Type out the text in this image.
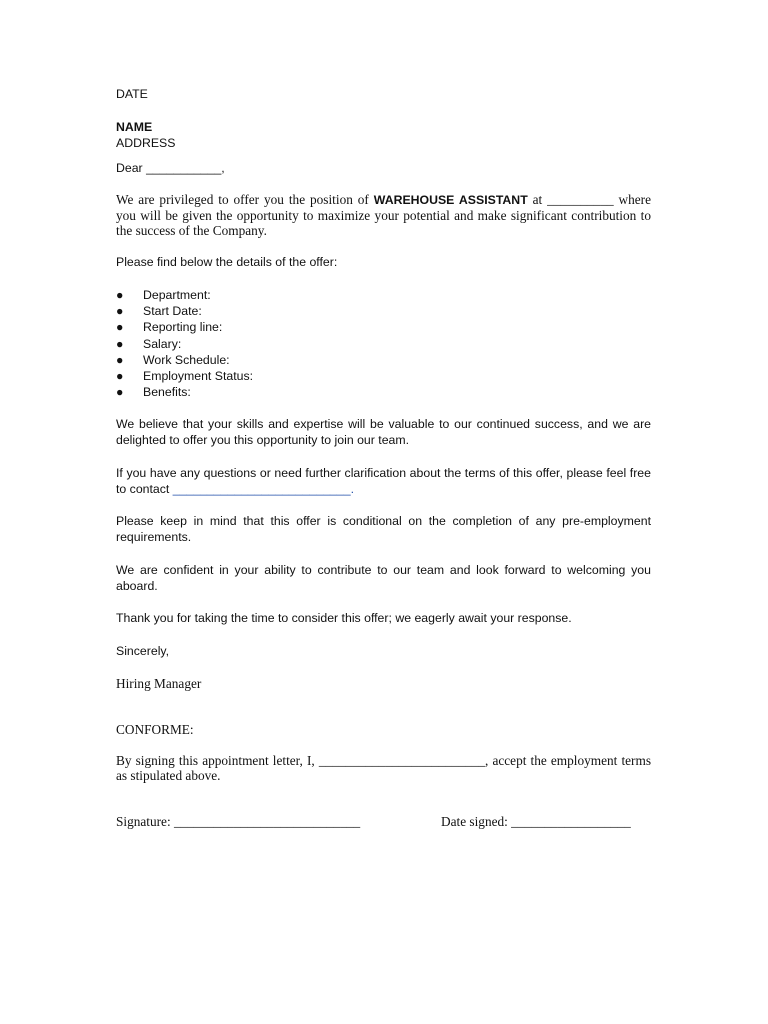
DATE

NAME

ADDRESS

Dear ___________,

We are privileged to offer you the position of WAREHOUSE ASSISTANT at __________ where you will be given the opportunity to maximize your potential and make significant contribution to the success of the Company.

Please find below the details of the offer:

● Department:
● Start Date:
● Reporting line:
● Salary:
● Work Schedule:
● Employment Status:
● Benefits:

We believe that your skills and expertise will be valuable to our continued success, and we are delighted to offer you this opportunity to join our team.

If you have any questions or need further clarification about the terms of this offer, please feel free to contact __________________________.

Please keep in mind that this offer is conditional on the completion of any pre-employment requirements.

We are confident in your ability to contribute to our team and look forward to welcoming you aboard.

Thank you for taking the time to consider this offer; we eagerly await your response.

Sincerely,

Hiring Manager

CONFORME:

By signing this appointment letter, I, _________________________, accept the employment terms as stipulated above.

Signature: ____________________________	Date signed: __________________
